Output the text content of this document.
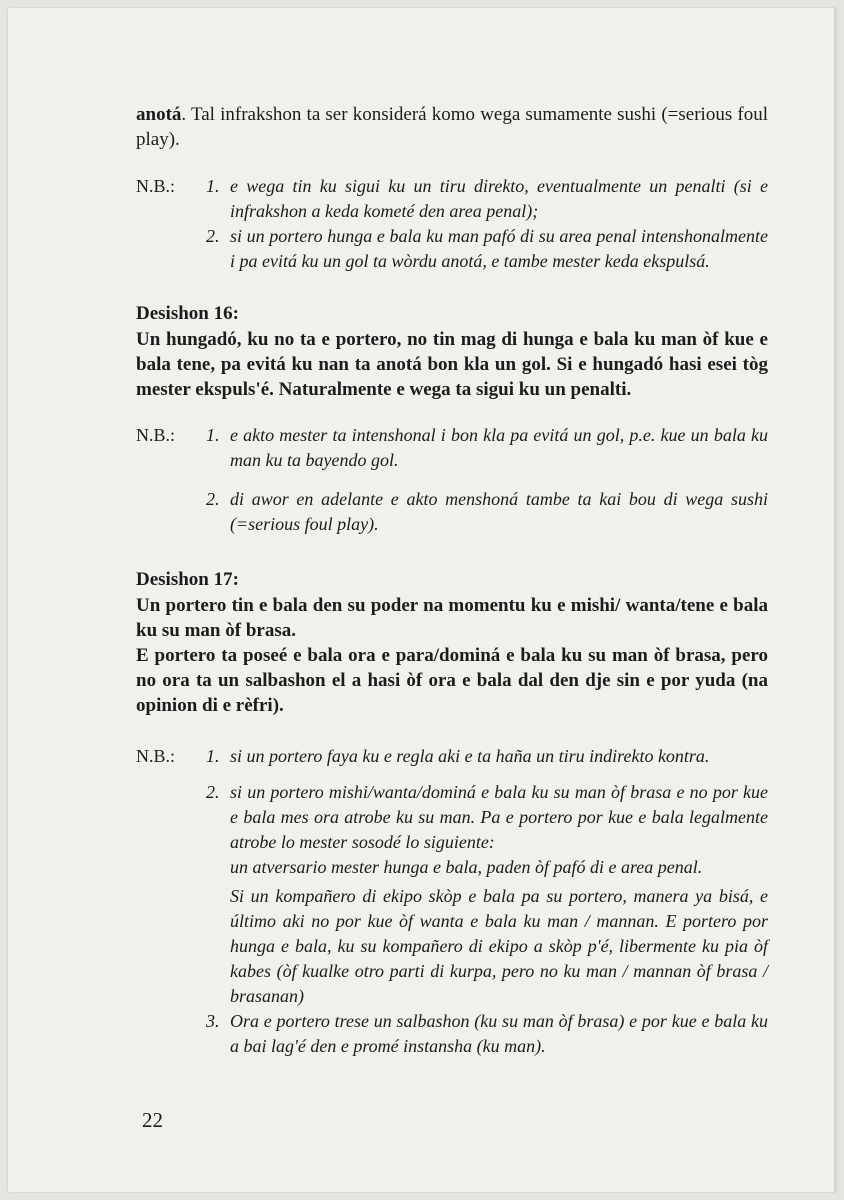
anotá. Tal infrakshon ta ser konsiderá komo wega sumamente sushi (=serious foul play).

N.B.: 1. e wega tin ku sigui ku un tiru direkto, eventualmente un penalti (si e infrakshon a keda kometé den area penal);
2. si un portero hunga e bala ku man pafó di su area penal intenshonalmente i pa evitá ku un gol ta wòrdu anotá, e tambe mester keda ekspulsá.

Desishon 16:

Un hungadó, ku no ta e portero, no tin mag di hunga e bala ku man òf kue e bala tene, pa evitá ku nan ta anotá bon kla un gol. Si e hungadó hasi esei tòg mester ekspuls'é. Naturalmente e wega ta sigui ku un penalti.

N.B.: 1. e akto mester ta intenshonal i bon kla pa evitá un gol, p.e. kue un bala ku man ku ta bayendo gol.
2. di awor en adelante e akto menshoná tambe ta kai bou di wega sushi (=serious foul play).

Desishon 17:

Un portero tin e bala den su poder na momentu ku e mishi/ wanta/tene e bala ku su man òf brasa.

E portero ta poseé e bala ora e para/dominá e bala ku su man òf brasa, pero no ora ta un salbashon el a hasi òf ora e bala dal den dje sin e por yuda (na opinion di e rèfri).

N.B.: 1. si un portero faya ku e regla aki e ta haña un tiru indirekto kontra.
2. si un portero mishi/wanta/dominá e bala ku su man òf brasa e no por kue e bala mes ora atrobe ku su man. Pa e portero por kue e bala legalmente atrobe lo mester sosodé lo siguiente:
un atversario mester hunga e bala, paden òf pafó di e area penal.
Si un kompañero di ekipo skòp e bala pa su portero, manera ya bisá, e último aki no por kue òf wanta e bala ku man / mannan. E portero por hunga e bala, ku su kompañero di ekipo a skòp p'é, libermente ku pia òf kabes (òf kualke otro parti di kurpa, pero no ku man / mannan òf brasa / brasanan)
3. Ora e portero trese un salbashon (ku su man òf brasa) e por kue e bala ku a bai lag'é den e promé instansha (ku man).
22
